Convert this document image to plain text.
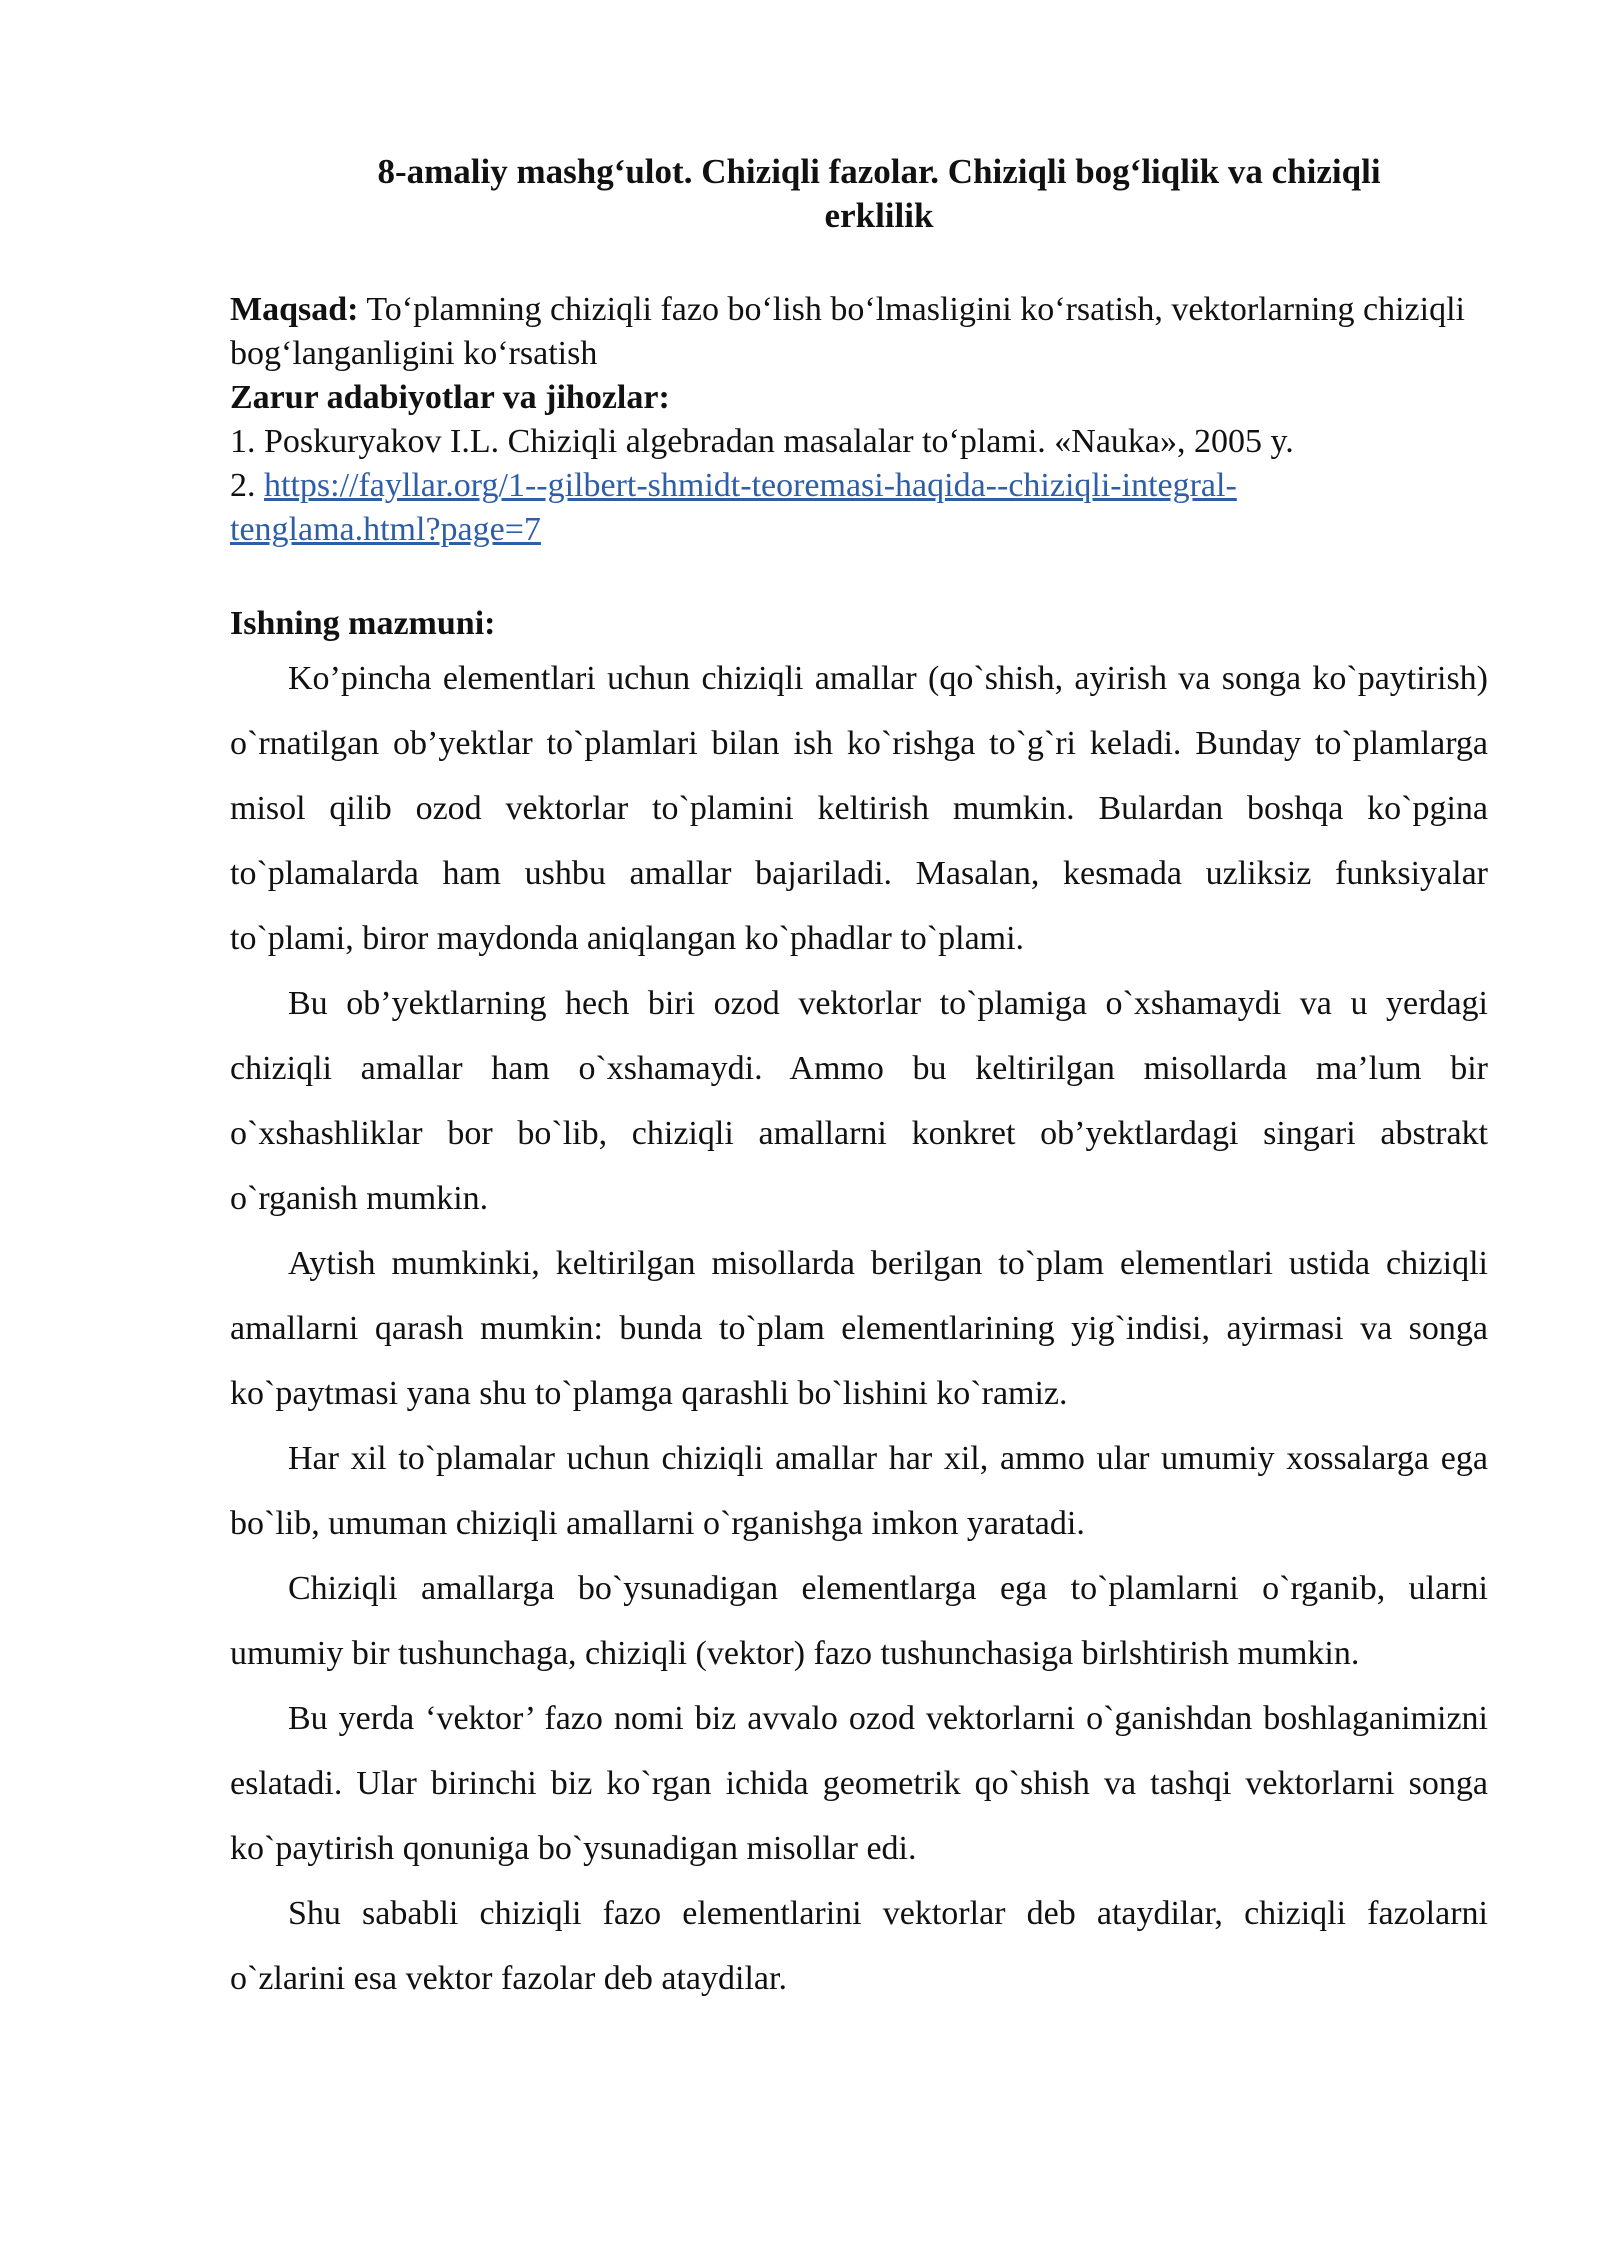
8-amaliy mashg‘ulot. Chiziqli fazolar. Chiziqli bog‘liqlik va chiziqli
erklilik
Maqsad: To‘plamning chiziqli fazo bo‘lish bo‘lmasligini ko‘rsatish, vektorlarning chiziqli bog‘langanligini ko‘rsatish
Zarur adabiyotlar va jihozlar:
1. Poskuryakov I.L. Chiziqli algebradan masalalar to‘plami. «Nauka», 2005 y.
2. https://fayllar.org/1--gilbert-shmidt-teoremasi-haqida--chiziqli-integral-
tenglama.html?page=7
Ishning mazmuni:

Ko’pincha elementlari uchun chiziqli amallar (qo`shish, ayirish va songa ko`paytirish) o`rnatilgan ob’yektlar to`plamlari bilan ish ko`rishga to`g`ri keladi. Bunday to`plamlarga misol qilib ozod vektorlar to`plamini keltirish mumkin. Bulardan boshqa ko`pgina to`plamalarda ham ushbu amallar bajariladi. Masalan, kesmada uzliksiz funksiyalar to`plami, biror maydonda aniqlangan ko`phadlar to`plami.

Bu ob’yektlarning hech biri ozod vektorlar to`plamiga o`xshamaydi va u yerdagi chiziqli amallar ham o`xshamaydi. Ammo bu keltirilgan misollarda ma’lum bir o`xshashliklar bor bo`lib, chiziqli amallarni konkret ob’yektlardagi singari abstrakt o`rganish mumkin.

Aytish mumkinki, keltirilgan misollarda berilgan to`plam elementlari ustida chiziqli amallarni qarash mumkin: bunda to`plam elementlarining yig`indisi, ayirmasi va songa ko`paytmasi yana shu to`plamga qarashli bo`lishini ko`ramiz.

Har xil to`plamalar uchun chiziqli amallar har xil, ammo ular umumiy xossalarga ega bo`lib, umuman chiziqli amallarni o`rganishga imkon yaratadi.

Chiziqli amallarga bo`ysunadigan elementlarga ega to`plamlarni o`rganib, ularni umumiy bir tushunchaga, chiziqli (vektor) fazo tushunchasiga birlshtirish mumkin.

Bu yerda ‘vektor’ fazo nomi biz avvalo ozod vektorlarni o`ganishdan boshlaganimizni eslatadi. Ular birinchi biz ko`rgan ichida geometrik qo`shish va tashqi vektorlarni songa ko`paytirish qonuniga bo`ysunadigan misollar edi.

Shu sababli chiziqli fazo elementlarini vektorlar deb ataydilar, chiziqli fazolarni o`zlarini esa vektor fazolar deb ataydilar.
